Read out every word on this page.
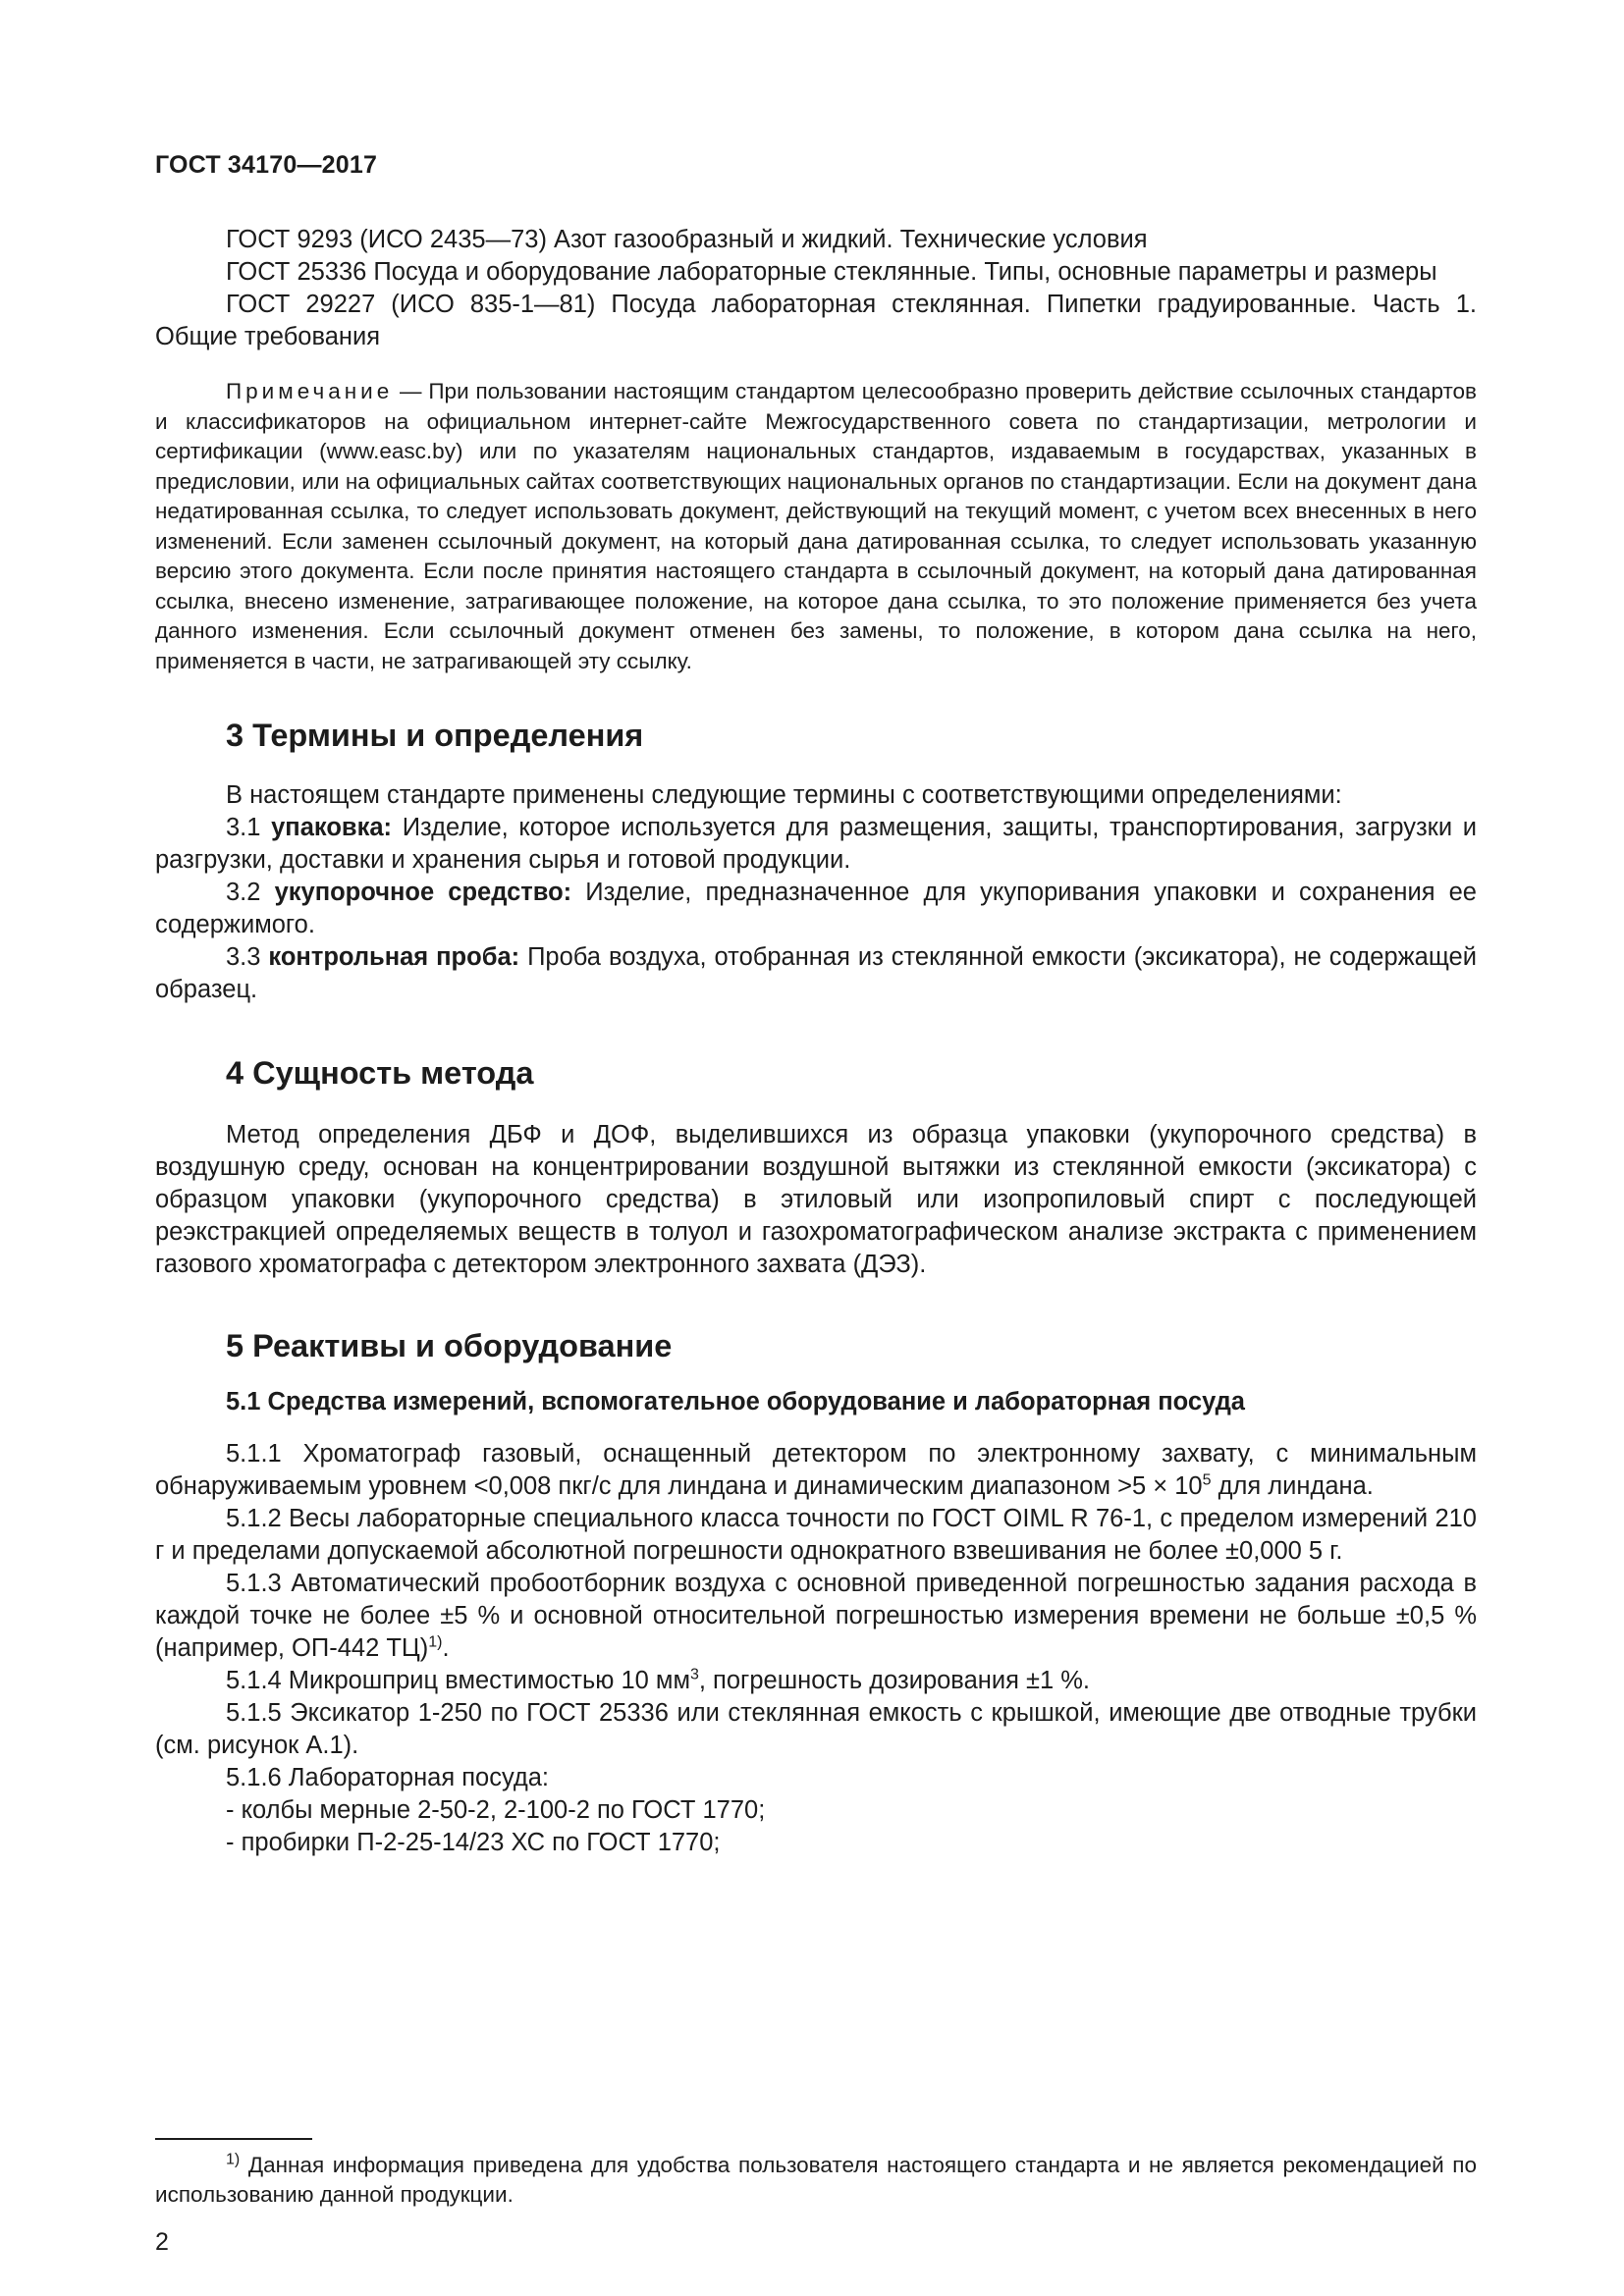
ГОСТ 34170—2017

ГОСТ 9293 (ИСО 2435—73) Азот газообразный и жидкий. Технические условия

ГОСТ 25336 Посуда и оборудование лабораторные стеклянные. Типы, основные параметры и размеры

ГОСТ 29227 (ИСО 835-1—81) Посуда лабораторная стеклянная. Пипетки градуированные. Часть 1. Общие требования

Примечание — При пользовании настоящим стандартом целесообразно проверить действие ссылочных стандартов и классификаторов на официальном интернет-сайте Межгосударственного совета по стандартизации, метрологии и сертификации (www.easc.by) или по указателям национальных стандартов, издаваемым в государствах, указанных в предисловии, или на официальных сайтах соответствующих национальных органов по стандартизации. Если на документ дана недатированная ссылка, то следует использовать документ, действующий на текущий момент, с учетом всех внесенных в него изменений. Если заменен ссылочный документ, на который дана датированная ссылка, то следует использовать указанную версию этого документа. Если после принятия настоящего стандарта в ссылочный документ, на который дана датированная ссылка, внесено изменение, затрагивающее положение, на которое дана ссылка, то это положение применяется без учета данного изменения. Если ссылочный документ отменен без замены, то положение, в котором дана ссылка на него, применяется в части, не затрагивающей эту ссылку.

3 Термины и определения

В настоящем стандарте применены следующие термины с соответствующими определениями:

3.1 упаковка: Изделие, которое используется для размещения, защиты, транспортирования, загрузки и разгрузки, доставки и хранения сырья и готовой продукции.

3.2 укупорочное средство: Изделие, предназначенное для укупоривания упаковки и сохранения ее содержимого.

3.3 контрольная проба: Проба воздуха, отобранная из стеклянной емкости (эксикатора), не содержащей образец.

4 Сущность метода

Метод определения ДБФ и ДОФ, выделившихся из образца упаковки (укупорочного средства) в воздушную среду, основан на концентрировании воздушной вытяжки из стеклянной емкости (эксикатора) с образцом упаковки (укупорочного средства) в этиловый или изопропиловый спирт с последующей реэкстракцией определяемых веществ в толуол и газохроматографическом анализе экстракта с применением газового хроматографа с детектором электронного захвата (ДЭЗ).

5 Реактивы и оборудование
5.1 Средства измерений, вспомогательное оборудование и лабораторная посуда

5.1.1 Хроматограф газовый, оснащенный детектором по электронному захвату, с минимальным обнаруживаемым уровнем <0,008 пкг/с для линдана и динамическим диапазоном $>5 \times 10^5$ для линдана.

5.1.2 Весы лабораторные специального класса точности по ГОСТ OIML R 76-1, с пределом измерений 210 г и пределами допускаемой абсолютной погрешности однократного взвешивания не более ±0,000 5 г.

5.1.3 Автоматический пробоотборник воздуха с основной приведенной погрешностью задания расхода в каждой точке не более ±5 % и основной относительной погрешностью измерения времени не больше ±0,5 % (например, ОП-442 ТЦ)$^{1)}$.

5.1.4 Микрошприц вместимостью 10 $мм^3$, погрешность дозирования ±1 %.

5.1.5 Эксикатор 1-250 по ГОСТ 25336 или стеклянная емкость с крышкой, имеющие две отводные трубки (см. рисунок А.1).

5.1.6 Лабораторная посуда:

- колбы мерные 2-50-2, 2-100-2 по ГОСТ 1770;
- пробирки П-2-25-14/23 ХС по ГОСТ 1770;

$^{1)}$ Данная информация приведена для удобства пользователя настоящего стандарта и не является рекомендацией по использованию данной продукции.

2
